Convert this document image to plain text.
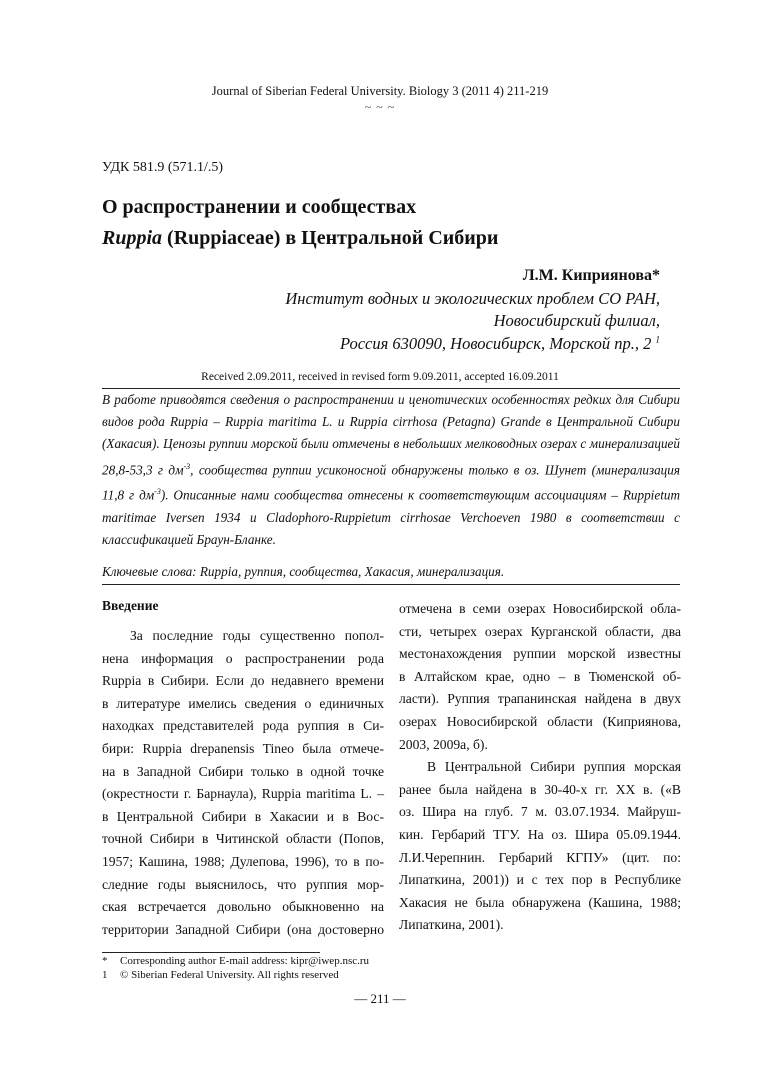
Journal of Siberian Federal University. Biology 3 (2011 4) 211-219
~ ~ ~
УДК 581.9 (571.1/.5)
О распространении и сообществах
Ruppia (Ruppiaceae) в Центральной Сибири
Л.М. Киприянова*
Институт водных и экологических проблем СО РАН,
Новосибирский филиал,
Россия 630090, Новосибирск, Морской пр., 2 $^1$
Received 2.09.2011, received in revised form 9.09.2011, accepted 16.09.2011
В работе приводятся сведения о распространении и ценотических особенностях редких для Сибири видов рода Ruppia – Ruppia maritima L. и Ruppia cirrhosa (Petagna) Grande в Центральной Сибири (Хакасия). Ценозы руппии морской были отмечены в небольших мелководных озерах с минерализацией 28,8-53,3 г $дм^{-3}$, сообщества руппии усиконосной обнаружены только в оз. Шунет (минерализация 11,8 г $дм^{-3}$). Описанные нами сообщества отнесены к соответствующим ассоциациям – Ruppietum maritimae Iversen 1934 и Cladophoro-Ruppietum cirrhosae Verchoeven 1980 в соответствии с классификацией Браун-Бланке.
Ключевые слова: Ruppia, руппия, сообщества, Хакасия, минерализация.
Введение
За последние годы существенно попол-
нена информация о распространении рода
Ruppia в Сибири. Если до недавнего времени
в литературе имелись сведения о единичных
находках представителей рода руппия в Си-
бири: Ruppia drepanensis Tineo была отмече-
на в Западной Сибири только в одной точке
(окрестности г. Барнаула), Ruppia maritima L. –
в Центральной Сибири в Хакасии и в Вос-
точной Сибири в Читинской области (Попов,
1957; Кашина, 1988; Дулепова, 1996), то в по-
следние годы выяснилось, что руппия мор-
ская встречается довольно обыкновенно на
территории Западной Сибири (она достоверно
отмечена в семи озерах Новосибирской обла-
сти, четырех озерах Курганской области, два
местонахождения руппии морской известны
в Алтайском крае, одно – в Тюменской об-
ласти). Руппия трапанинская найдена в двух
озерах Новосибирской области (Киприянова,
2003, 2009а, б).
В Центральной Сибири руппия морская
ранее была найдена в 30-40-х гг. XX в. («В
оз. Шира на глуб. 7 м. 03.07.1934. Майруш-
кин. Гербарий ТГУ. На оз. Шира 05.09.1944.
Л.И.Черепнин. Гербарий КГПУ» (цит. по:
Липаткина, 2001)) и с тех пор в Республике
Хакасия не была обнаружена (Кашина, 1988;
Липаткина, 2001).
* Corresponding author E-mail address: kipr@iwep.nsc.ru
1 © Siberian Federal University. All rights reserved
— 211 —
